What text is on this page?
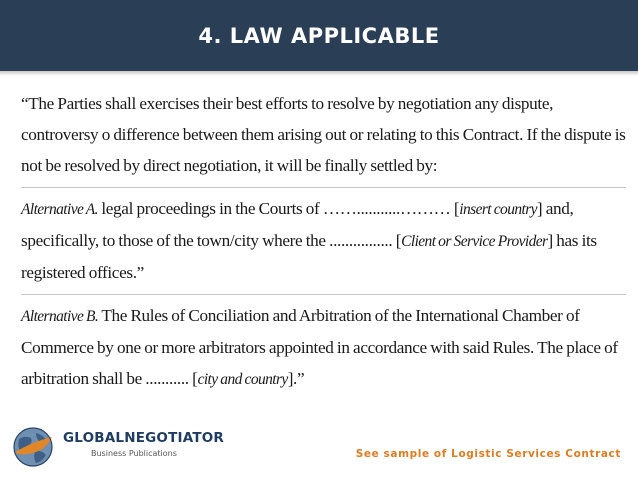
4. LAW APPLICABLE

“The Parties shall exercises their best efforts to resolve by negotiation any dispute, controversy o difference between them arising out or relating to this Contract. If the dispute is not be resolved by direct negotiation, it will be finally settled by:

Alternative A. legal proceedings in the Courts of ……...........……… [insert country] and, specifically, to those of the town/city where the ................ [Client or Service Provider] has its registered offices.”

Alternative B. The Rules of Conciliation and Arbitration of the International Chamber of Commerce by one or more arbitrators appointed in accordance with said Rules. The place of arbitration shall be ........... [city and country].”

GLOBALNEGOTIATOR
Business Publications	See sample of Logistic Services Contract
